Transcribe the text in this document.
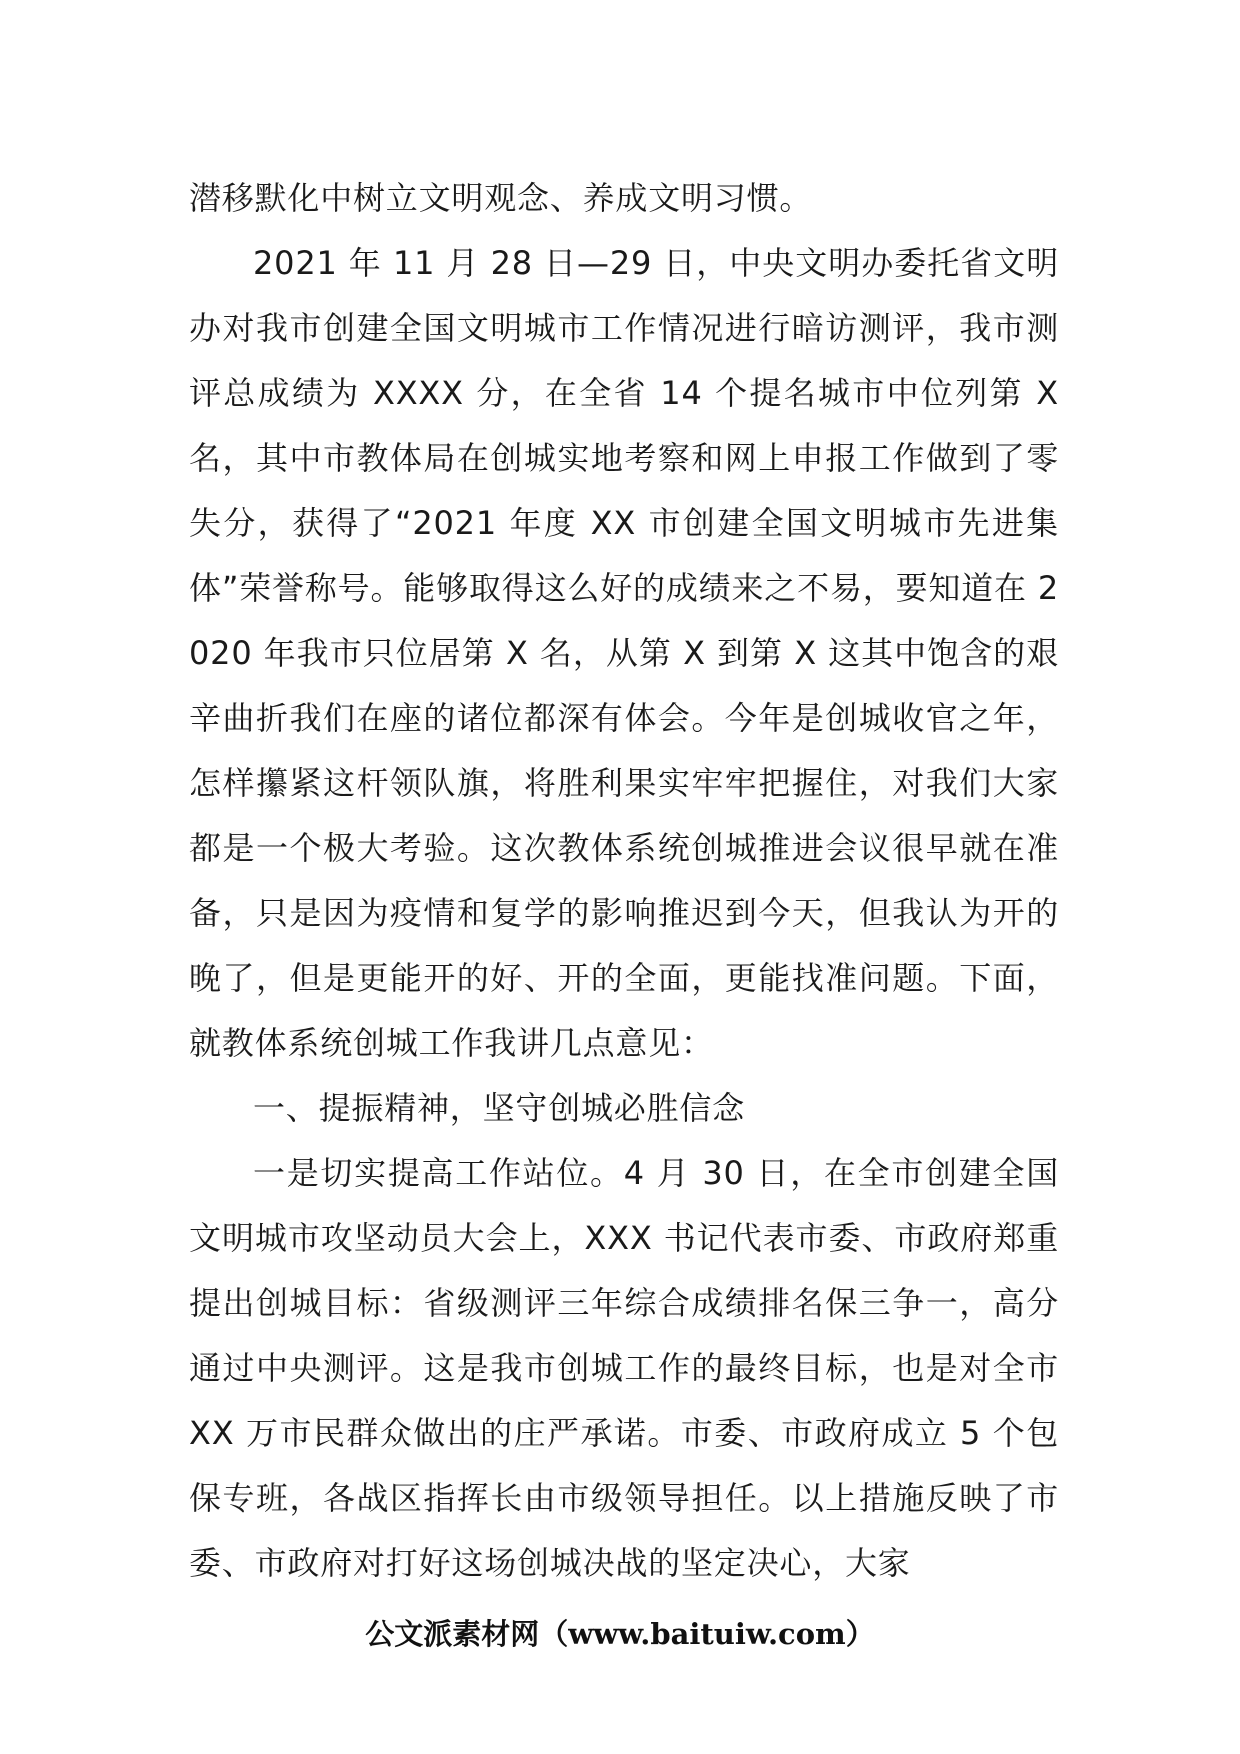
潜移默化中树立文明观念、养成文明习惯。

2021 年 11 月 28 日—29 日，中央文明办委托省文明办对我市创建全国文明城市工作情况进行暗访测评，我市测评总成绩为 XXXX 分，在全省 14 个提名城市中位列第 X 名，其中市教体局在创城实地考察和网上申报工作做到了零失分，获得了“2021 年度 XX 市创建全国文明城市先进集体”荣誉称号。能够取得这么好的成绩来之不易，要知道在 2020 年我市只位居第 X 名，从第 X 到第 X 这其中饱含的艰辛曲折我们在座的诸位都深有体会。今年是创城收官之年，怎样攥紧这杆领队旗，将胜利果实牢牢把握住，对我们大家都是一个极大考验。这次教体系统创城推进会议很早就在准备，只是因为疫情和复学的影响推迟到今天，但我认为开的晚了，但是更能开的好、开的全面，更能找准问题。下面，就教体系统创城工作我讲几点意见：

一、提振精神，坚守创城必胜信念

一是切实提高工作站位。4 月 30 日，在全市创建全国文明城市攻坚动员大会上，XXX 书记代表市委、市政府郑重提出创城目标：省级测评三年综合成绩排名保三争一，高分通过中央测评。这是我市创城工作的最终目标，也是对全市 XX 万市民群众做出的庄严承诺。市委、市政府成立 5 个包保专班，各战区指挥长由市级领导担任。以上措施反映了市委、市政府对打好这场创城决战的坚定决心，大家

公文派素材网（www.baituiw.com）
